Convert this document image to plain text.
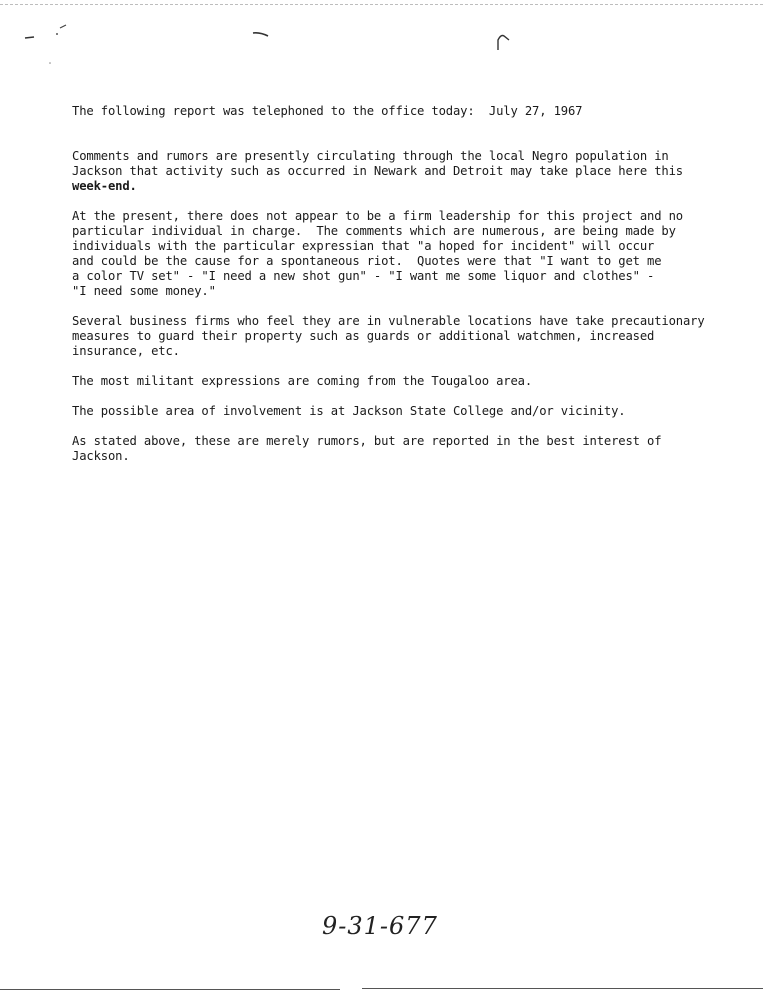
The following report was telephoned to the office today:  July 27, 1967

Comments and rumors are presently circulating through the local Negro population in

Jackson that activity such as occurred in Newark and Detroit may take place here this

week-end.

At the present, there does not appear to be a firm leadership for this project and no

particular individual in charge.  The comments which are numerous, are being made by

individuals with the particular expressian that "a hoped for incident" will occur

and could be the cause for a spontaneous riot.  Quotes were that "I want to get me

a color TV set" - "I need a new shot gun" - "I want me some liquor and clothes" -

"I need some money."

Several business firms who feel they are in vulnerable locations have take precautionary

measures to guard their property such as guards or additional watchmen, increased

insurance, etc.

The most militant expressions are coming from the Tougaloo area.

The possible area of involvement is at Jackson State College and/or vicinity.

As stated above, these are merely rumors, but are reported in the best interest of

Jackson.

9-31-677
